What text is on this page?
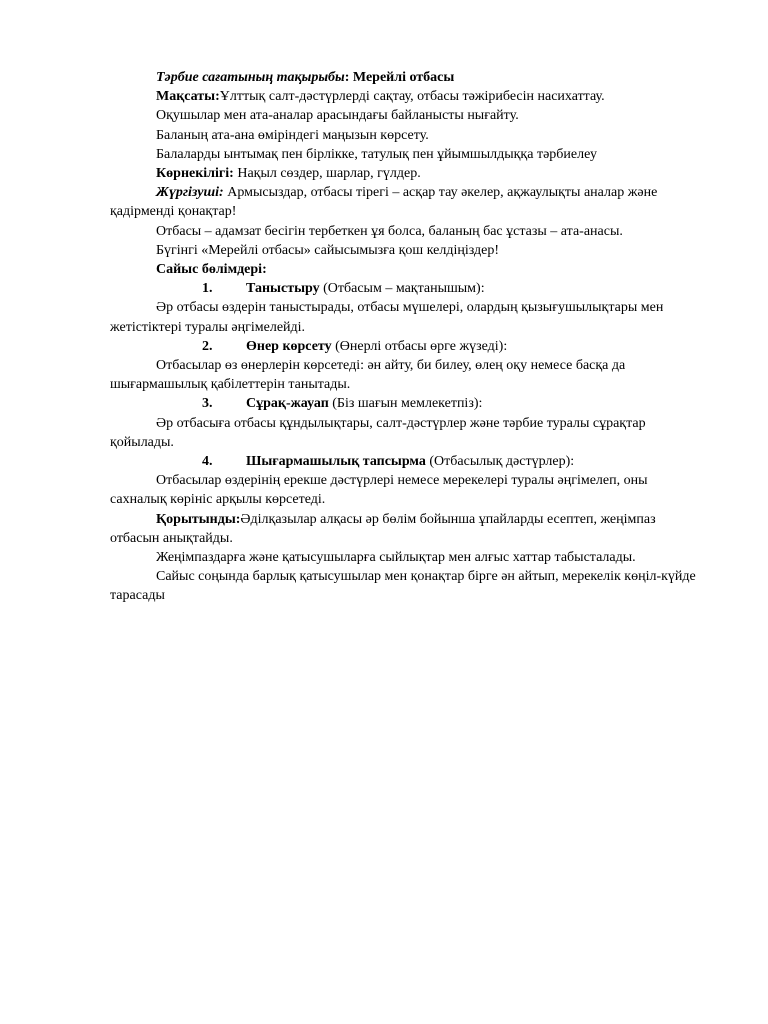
Тәрбие сағатының тақырыбы: Мерейлі отбасы

Мақсаты:Ұлттық салт-дәстүрлерді сақтау, отбасы тәжірибесін насихаттау.

Оқушылар мен ата-аналар арасындағы байланысты нығайту.

Баланың ата-ана өміріндегі маңызын көрсету.

Балаларды ынтымақ пен бірлікке, татулық пен ұйымшылдыққа тәрбиелеу

Көрнекілігі: Нақыл сөздер, шарлар, гүлдер.

Жүргізуші: Армысыздар, отбасы тірегі – асқар тау әкелер, ақжаулықты аналар және қадірменді қонақтар!

Отбасы – адамзат бесігін тербеткен ұя болса, баланың бас ұстазы – ата-анасы.

Бүгінгі «Мерейлі отбасы» сайысымызға қош келдіңіздер!

Сайыс бөлімдері:

1. Таныстыру (Отбасым – мақтанышым):

Әр отбасы өздерін таныстырады, отбасы мүшелері, олардың қызығушылықтары мен жетістіктері туралы әңгімелейді.

2. Өнер көрсету (Өнерлі отбасы өрге жүзеді):

Отбасылар өз өнерлерін көрсетеді: ән айту, би билеу, өлең оқу немесе басқа да шығармашылық қабілеттерін танытады.

3. Сұрақ-жауап (Біз шағын мемлекетпіз):

Әр отбасыға отбасы құндылықтары, салт-дәстүрлер және тәрбие туралы сұрақтар қойылады.

4. Шығармашылық тапсырма (Отбасылық дәстүрлер):

Отбасылар өздерінің ерекше дәстүрлері немесе мерекелері туралы әңгімелеп, оны сахналық көрініс арқылы көрсетеді.

Қорытынды:Әділқазылар алқасы әр бөлім бойынша ұпайларды есептеп, жеңімпаз отбасын анықтайды.

Жеңімпаздарға және қатысушыларға сыйлықтар мен алғыс хаттар табысталады.

Сайыс соңында барлық қатысушылар мен қонақтар бірге ән айтып, мерекелік көңіл-күйде тарасады
